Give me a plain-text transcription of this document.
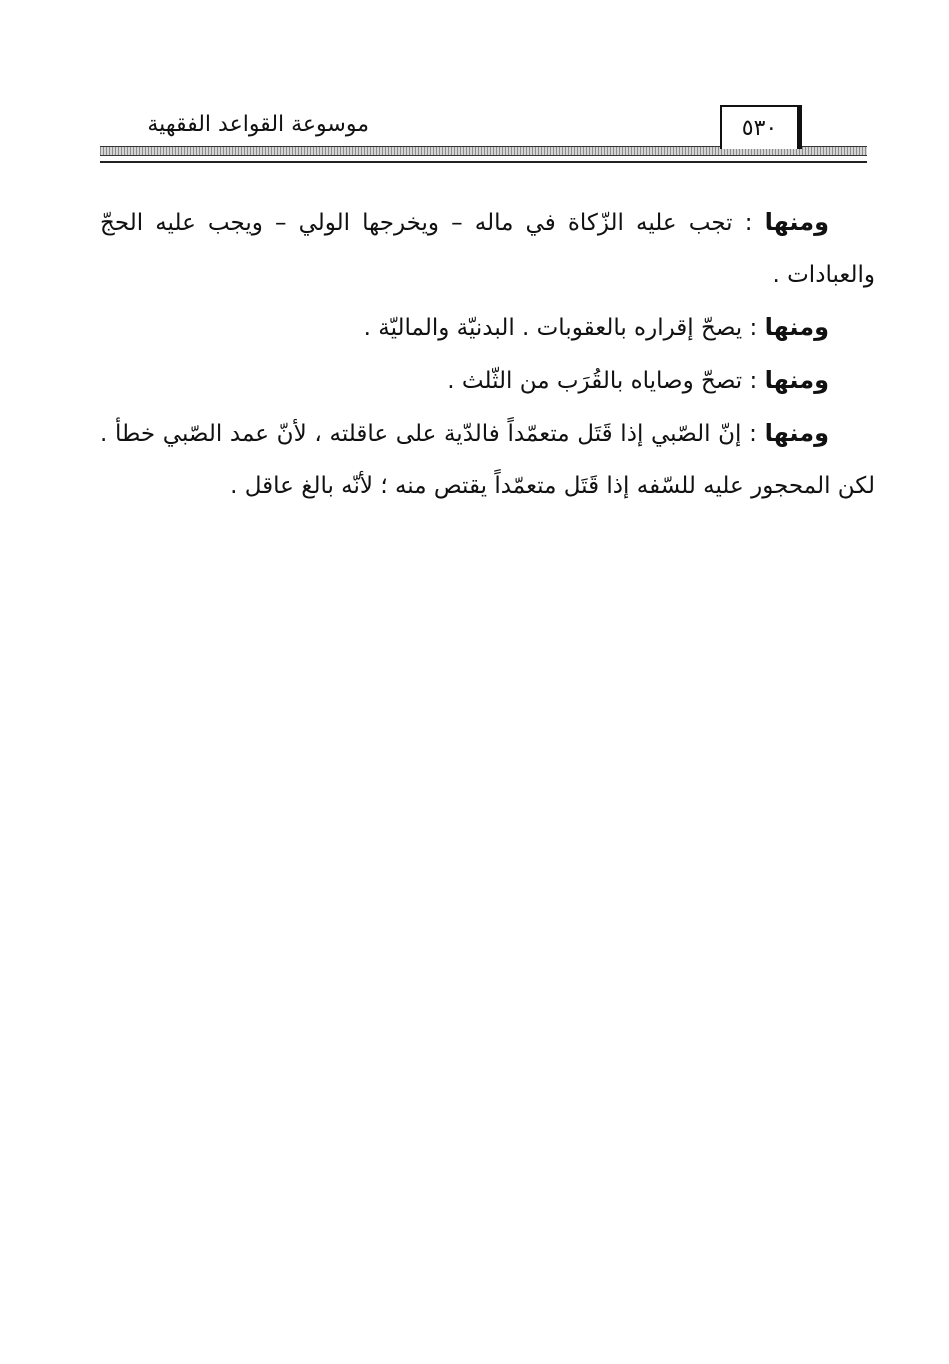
موسوعة القواعد الفقهية	٥٣٠

ومنها : تجب عليه الزّكاة في ماله – ويخرجها الولي – ويجب عليه الحجّ والعبادات .

ومنها : يصحّ إقراره بالعقوبات . البدنيّة والماليّة .

ومنها : تصحّ وصاياه بالقُرَب من الثّلث .

ومنها : إنّ الصّبي إذا قَتَل متعمّداً فالدّية على عاقلته ، لأنّ عمد الصّبي خطأ . لكن المحجور عليه للسّفه إذا قَتَل متعمّداً يقتص منه ؛ لأنّه بالغ عاقل .
